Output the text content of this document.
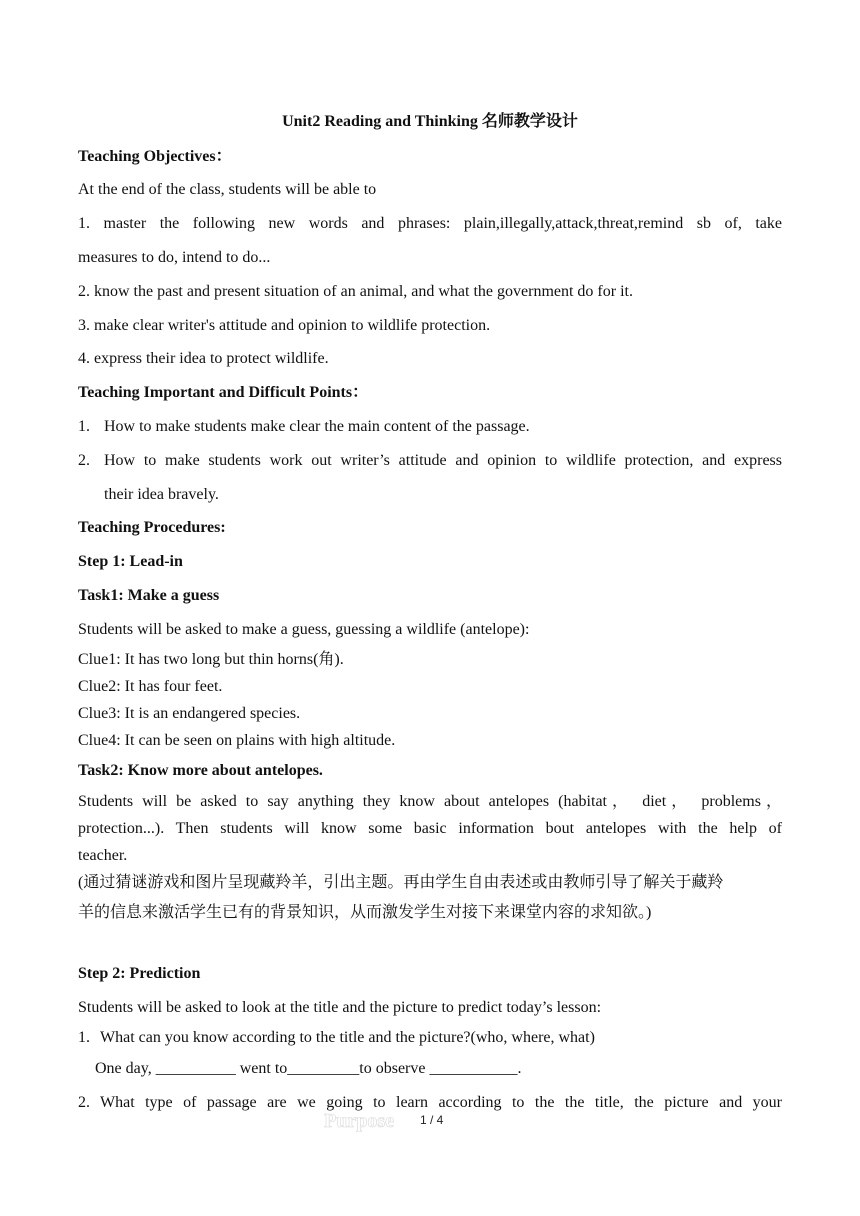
Unit2 Reading and Thinking 名师教学设计
Teaching Objectives：
At the end of the class, students will be able to
1. master the following new words and phrases: plain,illegally,attack,threat,remind sb of, take
measures to do, intend to do...
2. know the past and present situation of an animal, and what the government do for it.
3. make clear writer's attitude and opinion to wildlife protection.
4. express their idea to protect wildlife.
Teaching Important and Difficult Points：
1. How to make students make clear the main content of the passage.
2. How to make students work out writer’s attitude and opinion to wildlife protection, and express
their idea bravely.
Teaching Procedures:
Step 1: Lead-in
Task1: Make a guess
Students will be asked to make a guess, guessing a wildlife (antelope):
Clue1: It has two long but thin horns(角).
Clue2: It has four feet.
Clue3: It is an endangered species.
Clue4: It can be seen on plains with high altitude.
Task2: Know more about antelopes.
Students will be asked to say anything they know about antelopes (habitat， diet， problems，
protection...). Then students will know some basic information bout antelopes with the help of
teacher.
(通过猜谜游戏和图片呈现藏羚羊，引出主题。再由学生自由表述或由教师引导了解关于藏羚
羊的信息来激活学生已有的背景知识，从而激发学生对接下来课堂内容的求知欲。)
Step 2: Prediction
Students will be asked to look at the title and the picture to predict today’s lesson:
1. What can you know according to the title and the picture?(who, where, what)
One day, __________ went to_________to observe ___________.
2. What type of passage are we going to learn according to the the title, the picture and your
Purpose 1 / 4
